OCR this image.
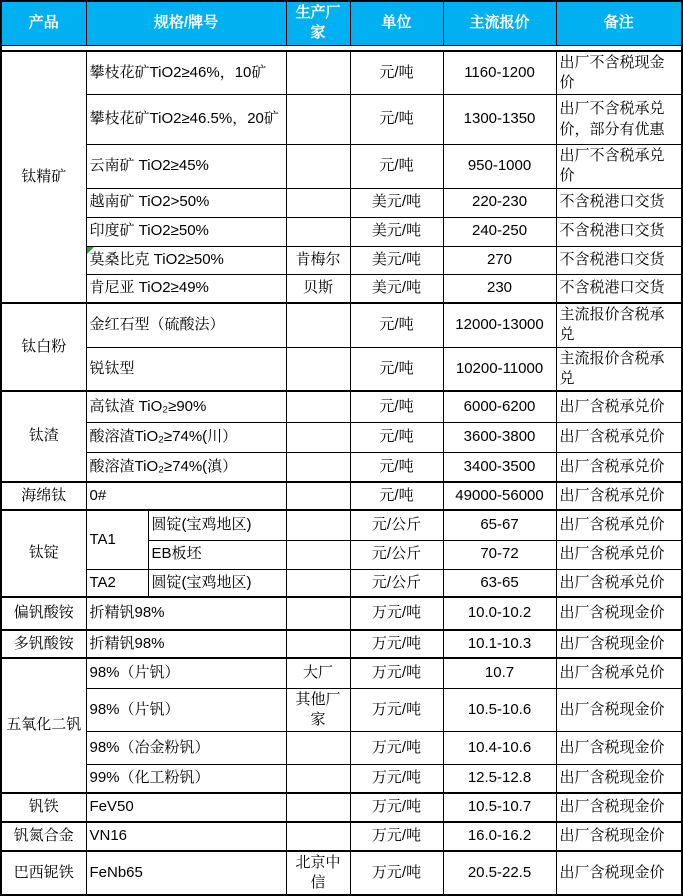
产品	规格/牌号		生产厂家	单位	主流报价	备注

钛精矿	攀枝花矿TiO2≥46%，10矿			元/吨	1160-1200	出厂不含税现金价
	攀枝花矿TiO2≥46.5%，20矿			元/吨	1300-1350	出厂不含税承兑价，部分有优惠
	云南矿 TiO2≥45%			元/吨	950-1000	出厂不含税承兑价
	越南矿 TiO2>50%			美元/吨	220-230	不含税港口交货
	印度矿 TiO2≥50%			美元/吨	240-250	不含税港口交货
	莫桑比克 TiO2≥50%		肯梅尔	美元/吨	270	不含税港口交货
	肯尼亚 TiO2≥49%		贝斯	美元/吨	230	不含税港口交货
钛白粉	金红石型（硫酸法）			元/吨	12000-13000	主流报价含税承兑
	锐钛型			元/吨	10200-11000	主流报价含税承兑
钛渣	高钛渣 TiO₂≥90%			元/吨	6000-6200	出厂含税承兑价
	酸溶渣TiO₂≥74%(川）			元/吨	3600-3800	出厂含税承兑价
	酸溶渣TiO₂≥74%(滇）			元/吨	3400-3500	出厂含税承兑价
海绵钛	0#			元/吨	49000-56000	出厂含税承兑价
钛锭	TA1	圆锭(宝鸡地区)		元/公斤	65-67	出厂含税承兑价
		EB板坯		元/公斤	70-72	出厂含税承兑价
	TA2	圆锭(宝鸡地区)		元/公斤	63-65	出厂含税承兑价
偏钒酸铵	折精钒98%			万元/吨	10.0-10.2	出厂含税现金价
多钒酸铵	折精钒98%			万元/吨	10.1-10.3	出厂含税现金价
五氧化二钒	98%（片钒）		大厂	万元/吨	10.7	出厂含税承兑价
	98%（片钒）		其他厂家	万元/吨	10.5-10.6	出厂含税现金价
	98%（冶金粉钒）			万元/吨	10.4-10.6	出厂含税现金价
	99%（化工粉钒）			万元/吨	12.5-12.8	出厂含税现金价
钒铁	FeV50			万元/吨	10.5-10.7	出厂含税现金价
钒氮合金	VN16			万元/吨	16.0-16.2	出厂含税现金价
巴西铌铁	FeNb65		北京中信	万元/吨	20.5-22.5	出厂含税现金价
